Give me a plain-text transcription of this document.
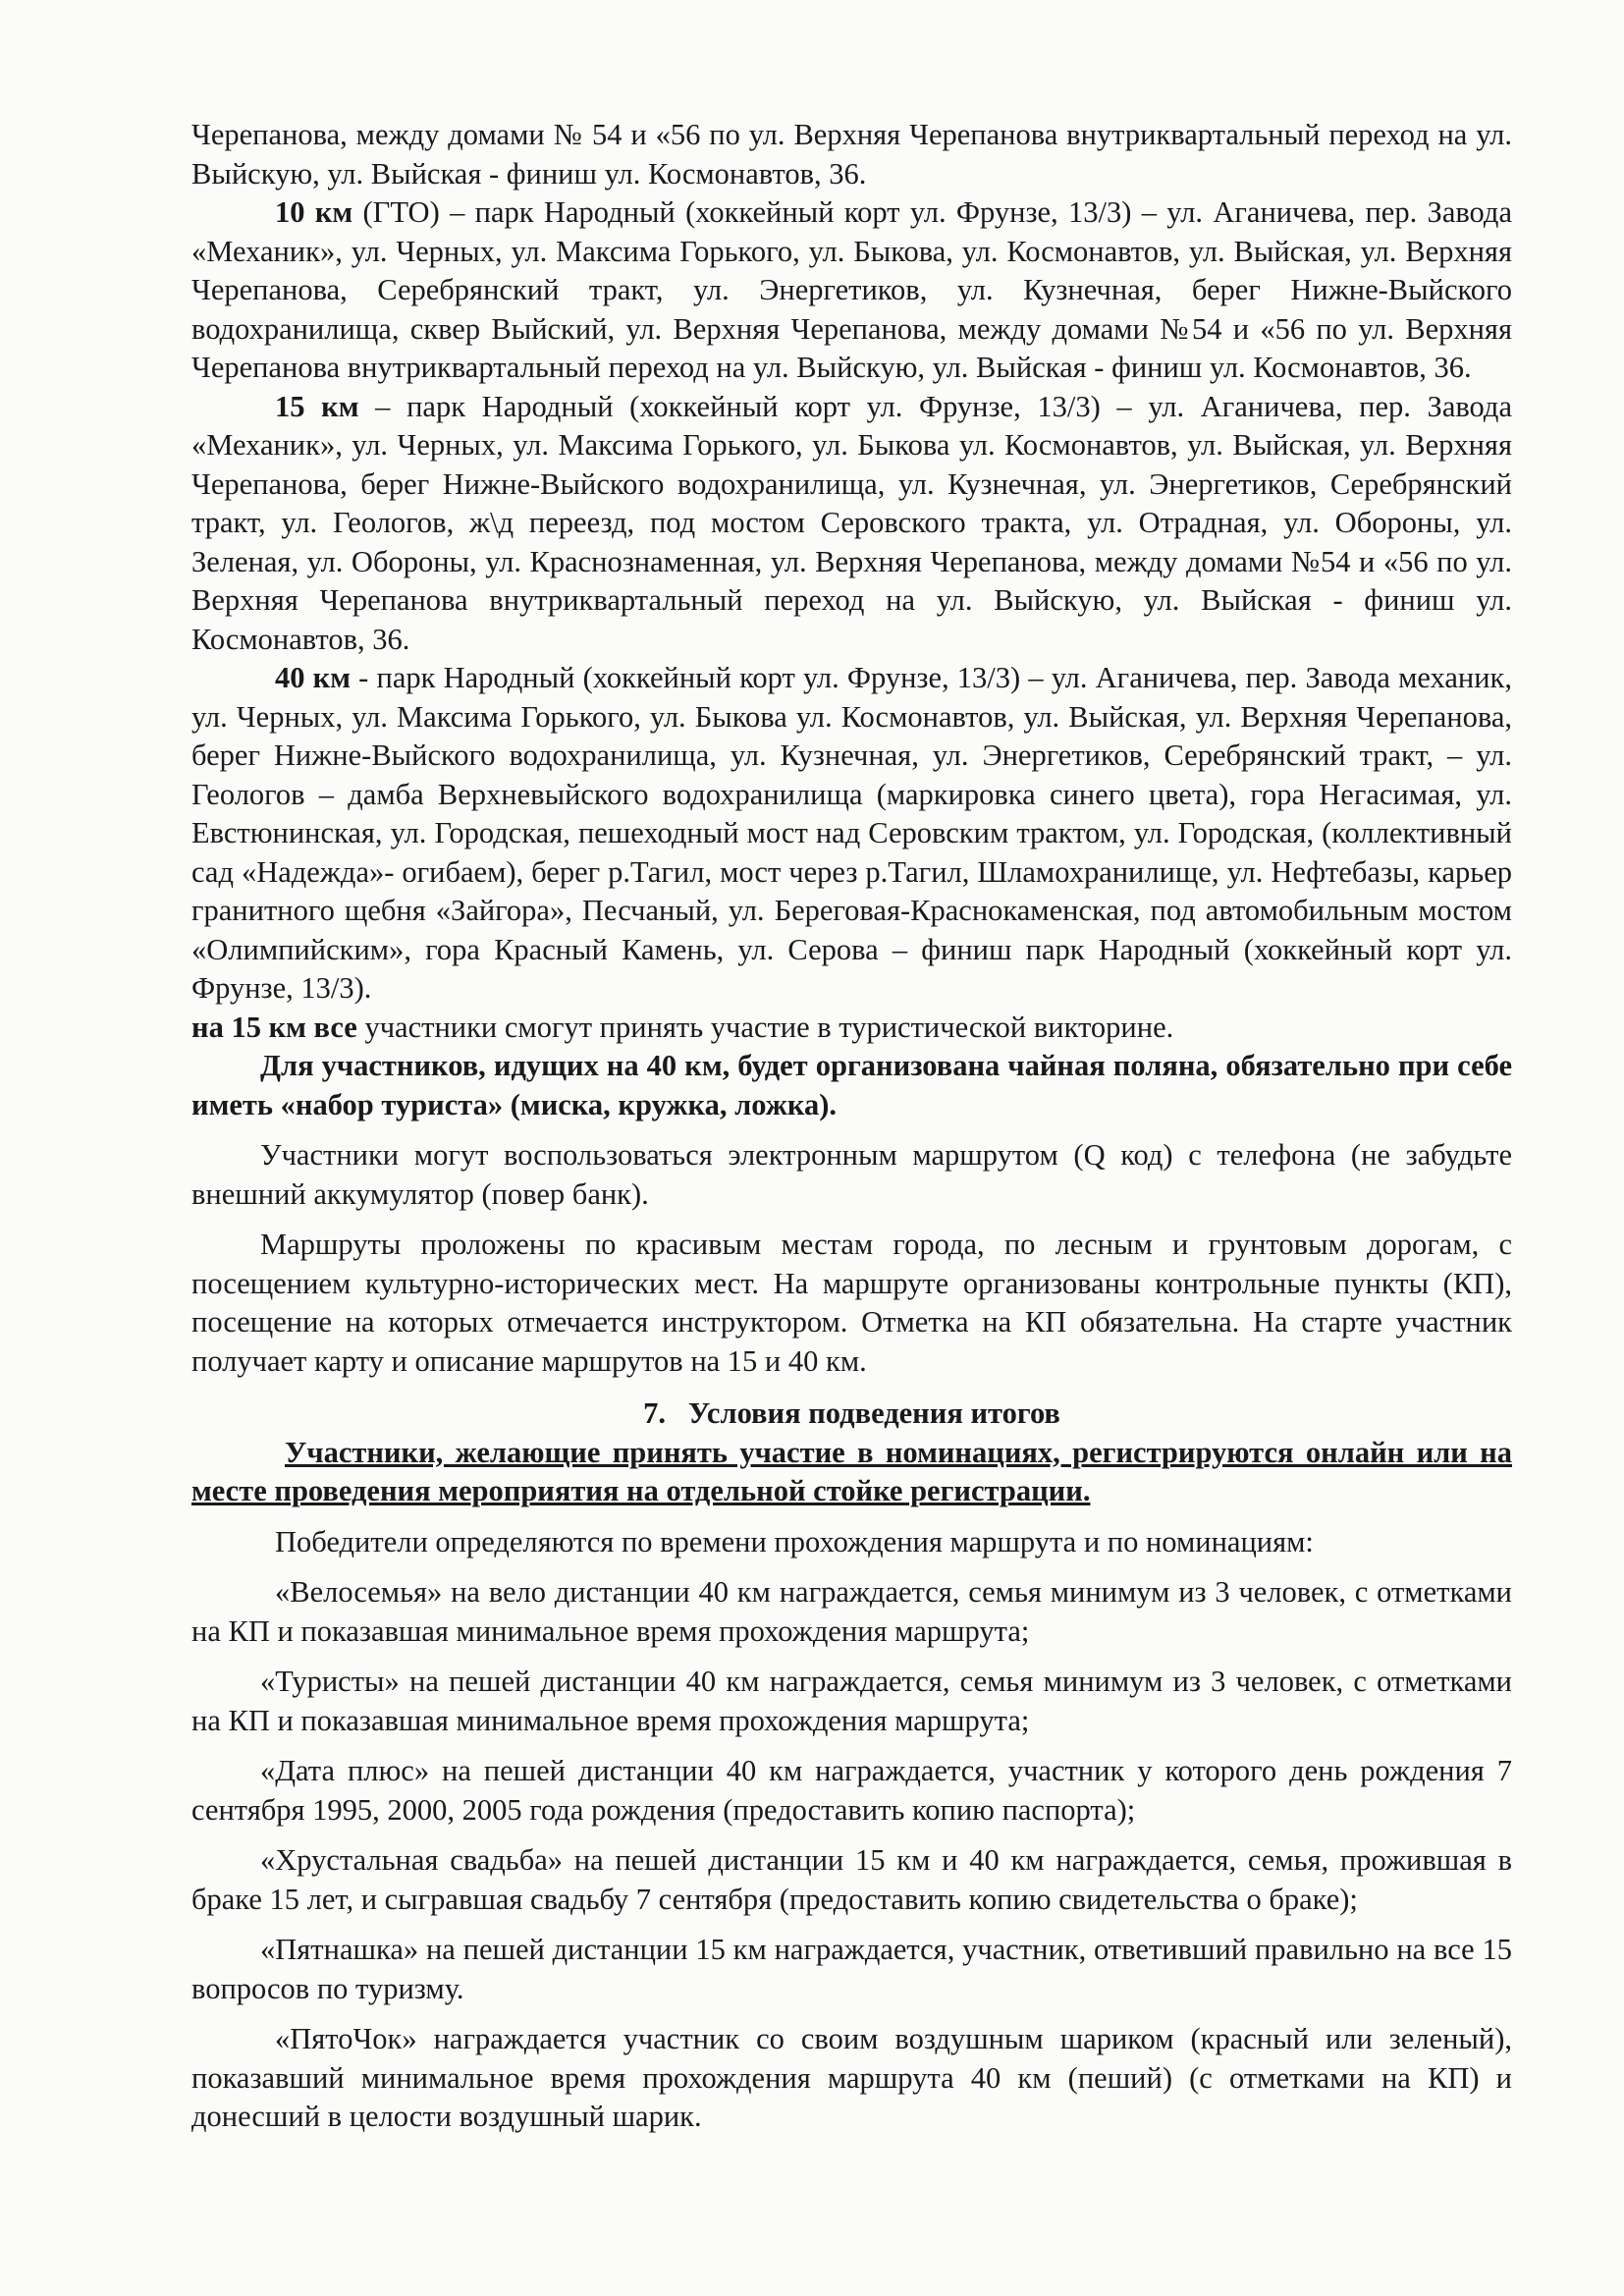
Черепанова, между домами № 54 и «56 по ул. Верхняя Черепанова внутриквартальный переход на ул. Выйскую, ул. Выйская - финиш ул. Космонавтов, 36.

10 км (ГТО) – парк Народный (хоккейный корт ул. Фрунзе, 13/3) – ул. Аганичева, пер. Завода «Механик», ул. Черных, ул. Максима Горького, ул. Быкова, ул. Космонавтов, ул. Выйская, ул. Верхняя Черепанова, Серебрянский тракт, ул. Энергетиков, ул. Кузнечная, берег Нижне-Выйского водохранилища, сквер Выйский, ул. Верхняя Черепанова, между домами №54 и «56 по ул. Верхняя Черепанова внутриквартальный переход на ул. Выйскую, ул. Выйская - финиш ул. Космонавтов, 36.

15 км – парк Народный (хоккейный корт ул. Фрунзе, 13/3) – ул. Аганичева, пер. Завода «Механик», ул. Черных, ул. Максима Горького, ул. Быкова ул. Космонавтов, ул. Выйская, ул. Верхняя Черепанова, берег Нижне-Выйского водохранилища, ул. Кузнечная, ул. Энергетиков, Серебрянский тракт, ул. Геологов, ж\д переезд, под мостом Серовского тракта, ул. Отрадная, ул. Обороны, ул. Зеленая, ул. Обороны, ул. Краснознаменная, ул. Верхняя Черепанова, между домами №54 и «56 по ул. Верхняя Черепанова внутриквартальный переход на ул. Выйскую, ул. Выйская - финиш ул. Космонавтов, 36.

40 км - парк Народный (хоккейный корт ул. Фрунзе, 13/3) – ул. Аганичева, пер. Завода механик, ул. Черных, ул. Максима Горького, ул. Быкова ул. Космонавтов, ул. Выйская, ул. Верхняя Черепанова, берег Нижне-Выйского водохранилища, ул. Кузнечная, ул. Энергетиков, Серебрянский тракт, – ул. Геологов – дамба Верхневыйского водохранилища (маркировка синего цвета), гора Негасимая, ул. Евстюнинская, ул. Городская, пешеходный мост над Серовским трактом, ул. Городская, (коллективный сад «Надежда»- огибаем), берег р.Тагил, мост через р.Тагил, Шламохранилище, ул. Нефтебазы, карьер гранитного щебня «Зайгора», Песчаный, ул. Береговая-Краснокаменская, под автомобильным мостом «Олимпийским», гора Красный Камень, ул. Серова – финиш парк Народный (хоккейный корт ул. Фрунзе, 13/3).

на 15 км все участники смогут принять участие в туристической викторине.

Для участников, идущих на 40 км, будет организована чайная поляна, обязательно при себе иметь «набор туриста» (миска, кружка, ложка).

Участники могут воспользоваться электронным маршрутом (Q код) с телефона (не забудьте внешний аккумулятор (повер банк).

Маршруты проложены по красивым местам города, по лесным и грунтовым дорогам, с посещением культурно-исторических мест. На маршруте организованы контрольные пункты (КП), посещение на которых отмечается инструктором. Отметка на КП обязательна. На старте участник получает карту и описание маршрутов на 15 и 40 км.

7. Условия подведения итогов

Участники, желающие принять участие в номинациях, регистрируются онлайн или на месте проведения мероприятия на отдельной стойке регистрации.

Победители определяются по времени прохождения маршрута и по номинациям:

«Велосемья» на вело дистанции 40 км награждается, семья минимум из 3 человек, с отметками на КП и показавшая минимальное время прохождения маршрута;

«Туристы» на пешей дистанции 40 км награждается, семья минимум из 3 человек, с отметками на КП и показавшая минимальное время прохождения маршрута;

«Дата плюс» на пешей дистанции 40 км награждается, участник у которого день рождения 7 сентября 1995, 2000, 2005 года рождения (предоставить копию паспорта);

«Хрустальная свадьба» на пешей дистанции 15 км и 40 км награждается, семья, прожившая в браке 15 лет, и сыгравшая свадьбу 7 сентября (предоставить копию свидетельства о браке);

«Пятнашка» на пешей дистанции 15 км награждается, участник, ответивший правильно на все 15 вопросов по туризму.

«ПятоЧок» награждается участник со своим воздушным шариком (красный или зеленый), показавший минимальное время прохождения маршрута 40 км (пеший) (с отметками на КП) и донесший в целости воздушный шарик.
